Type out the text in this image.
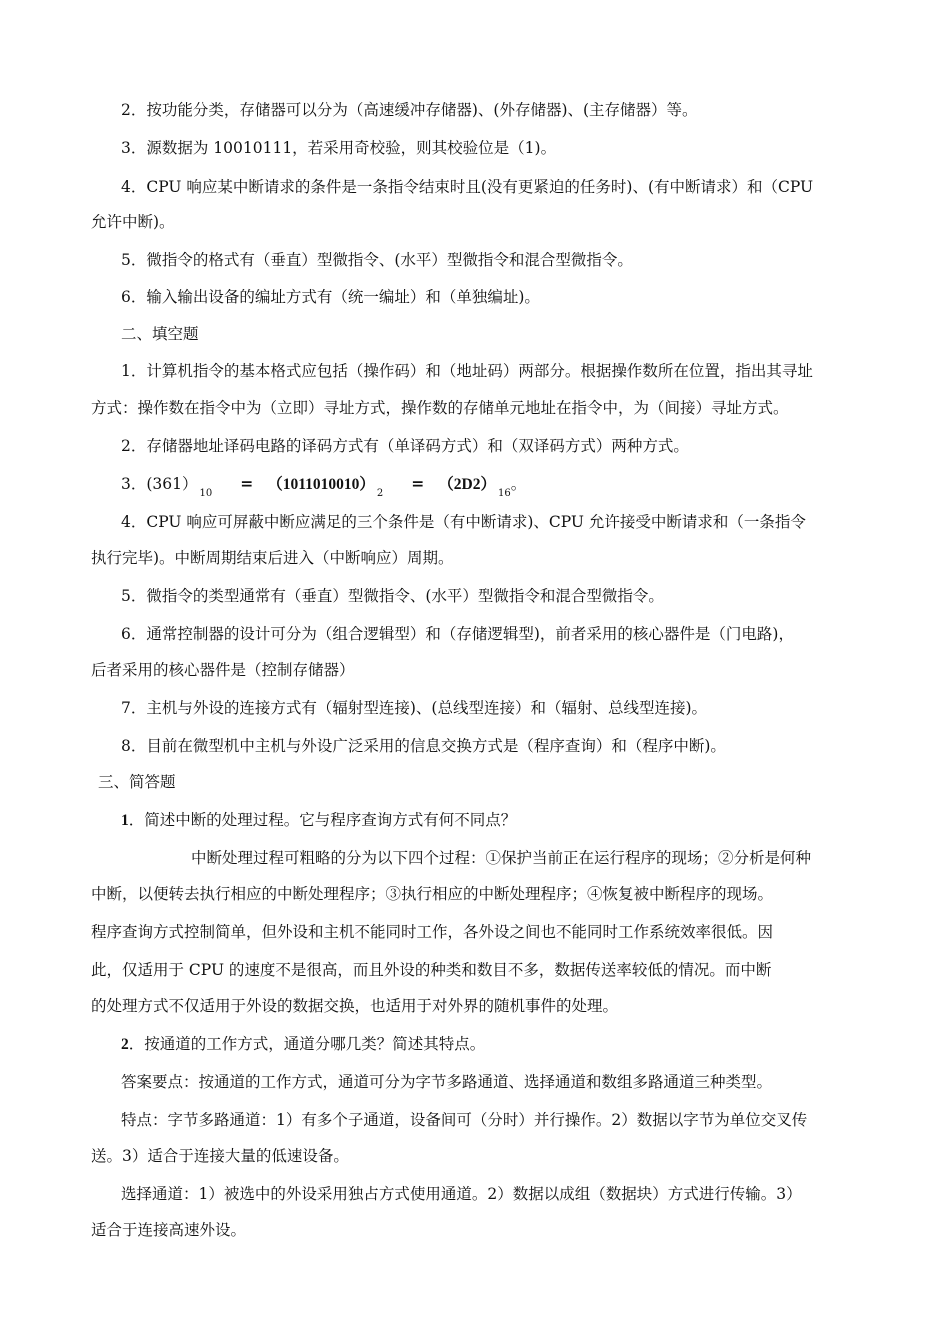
2．按功能分类，存储器可以分为（高速缓冲存储器)、(外存储器)、(主存储器）等。
3．源数据为 10010111，若采用奇校验，则其校验位是（1)。
4．CPU 响应某中断请求的条件是一条指令结束时且(没有更紧迫的任务时)、(有中断请求）和（CPU
允许中断)。
5．微指令的格式有（垂直）型微指令、(水平）型微指令和混合型微指令。
6．输入输出设备的编址方式有（统一编址）和（单独编址)。
二、填空题
1．计算机指令的基本格式应包括（操作码）和（地址码）两部分。根据操作数所在位置，指出其寻址
方式：操作数在指令中为（立即）寻址方式，操作数的存储单元地址在指令中，为（间接）寻址方式。
2．存储器地址译码电路的译码方式有（单译码方式）和（双译码方式）两种方式。
3．$(361)_{10}= (1011010010)_2= (2D2)_{16}$。
4．CPU 响应可屏蔽中断应满足的三个条件是（有中断请求)、CPU 允许接受中断请求和（一条指令
执行完毕)。中断周期结束后进入（中断响应）周期。
5．微指令的类型通常有（垂直）型微指令、(水平）型微指令和混合型微指令。
6．通常控制器的设计可分为（组合逻辑型）和（存储逻辑型)，前者采用的核心器件是（门电路)，
后者采用的核心器件是（控制存储器）
7．主机与外设的连接方式有（辐射型连接)、(总线型连接）和（辐射、总线型连接)。
8．目前在微型机中主机与外设广泛采用的信息交换方式是（程序查询）和（程序中断)。
三、简答题
1．简述中断的处理过程。它与程序查询方式有何不同点？
中断处理过程可粗略的分为以下四个过程：①保护当前正在运行程序的现场；②分析是何种
中断，以便转去执行相应的中断处理程序；③执行相应的中断处理程序；④恢复被中断程序的现场。
程序查询方式控制简单，但外设和主机不能同时工作，各外设之间也不能同时工作系统效率很低。因
此，仅适用于 CPU 的速度不是很高，而且外设的种类和数目不多，数据传送率较低的情况。而中断
的处理方式不仅适用于外设的数据交换，也适用于对外界的随机事件的处理。
2．按通道的工作方式，通道分哪几类？简述其特点。
答案要点：按通道的工作方式，通道可分为字节多路通道、选择通道和数组多路通道三种类型。
特点：字节多路通道：1）有多个子通道，设备间可（分时）并行操作。2）数据以字节为单位交叉传
送。3）适合于连接大量的低速设备。
选择通道：1）被选中的外设采用独占方式使用通道。2）数据以成组（数据块）方式进行传输。3）
适合于连接高速外设。
